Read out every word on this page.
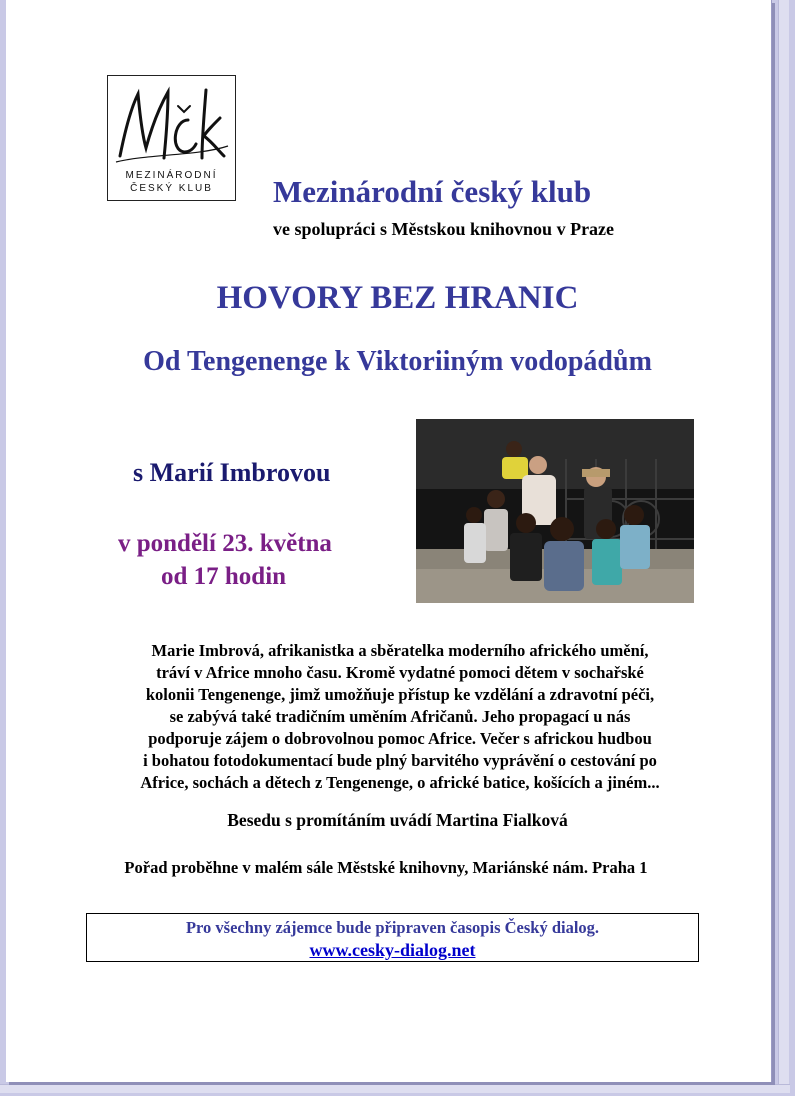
MEZINÁRODNÍ
ČESKÝ KLUB	Mezinárodní český klub
ve spolupráci s Městskou knihovnou v Praze
HOVORY BEZ HRANIC
Od Tengenenge k Viktoriiným vodopádům
s Marií Imbrovou
v pondělí 23. května
od 17 hodin
Marie Imbrová, afrikanistka a sběratelka moderního afrického umění,
tráví v Africe mnoho času. Kromě vydatné pomoci dětem v sochařské
kolonii Tengenenge, jimž umožňuje přístup ke vzdělání a zdravotní péči,
se zabývá také tradičním uměním Afričanů. Jeho propagací u nás
podporuje zájem o dobrovolnou pomoc Africe. Večer s africkou hudbou
i bohatou fotodokumentací bude plný barvitého vyprávění o cestování po
Africe, sochách a dětech z Tengenenge, o africké batice, košících a jiném...
Besedu s promítáním uvádí Martina Fialková
Pořad proběhne v malém sále Městské knihovny, Mariánské nám. Praha 1
Pro všechny zájemce bude připraven časopis Český dialog.
www.cesky-dialog.net
